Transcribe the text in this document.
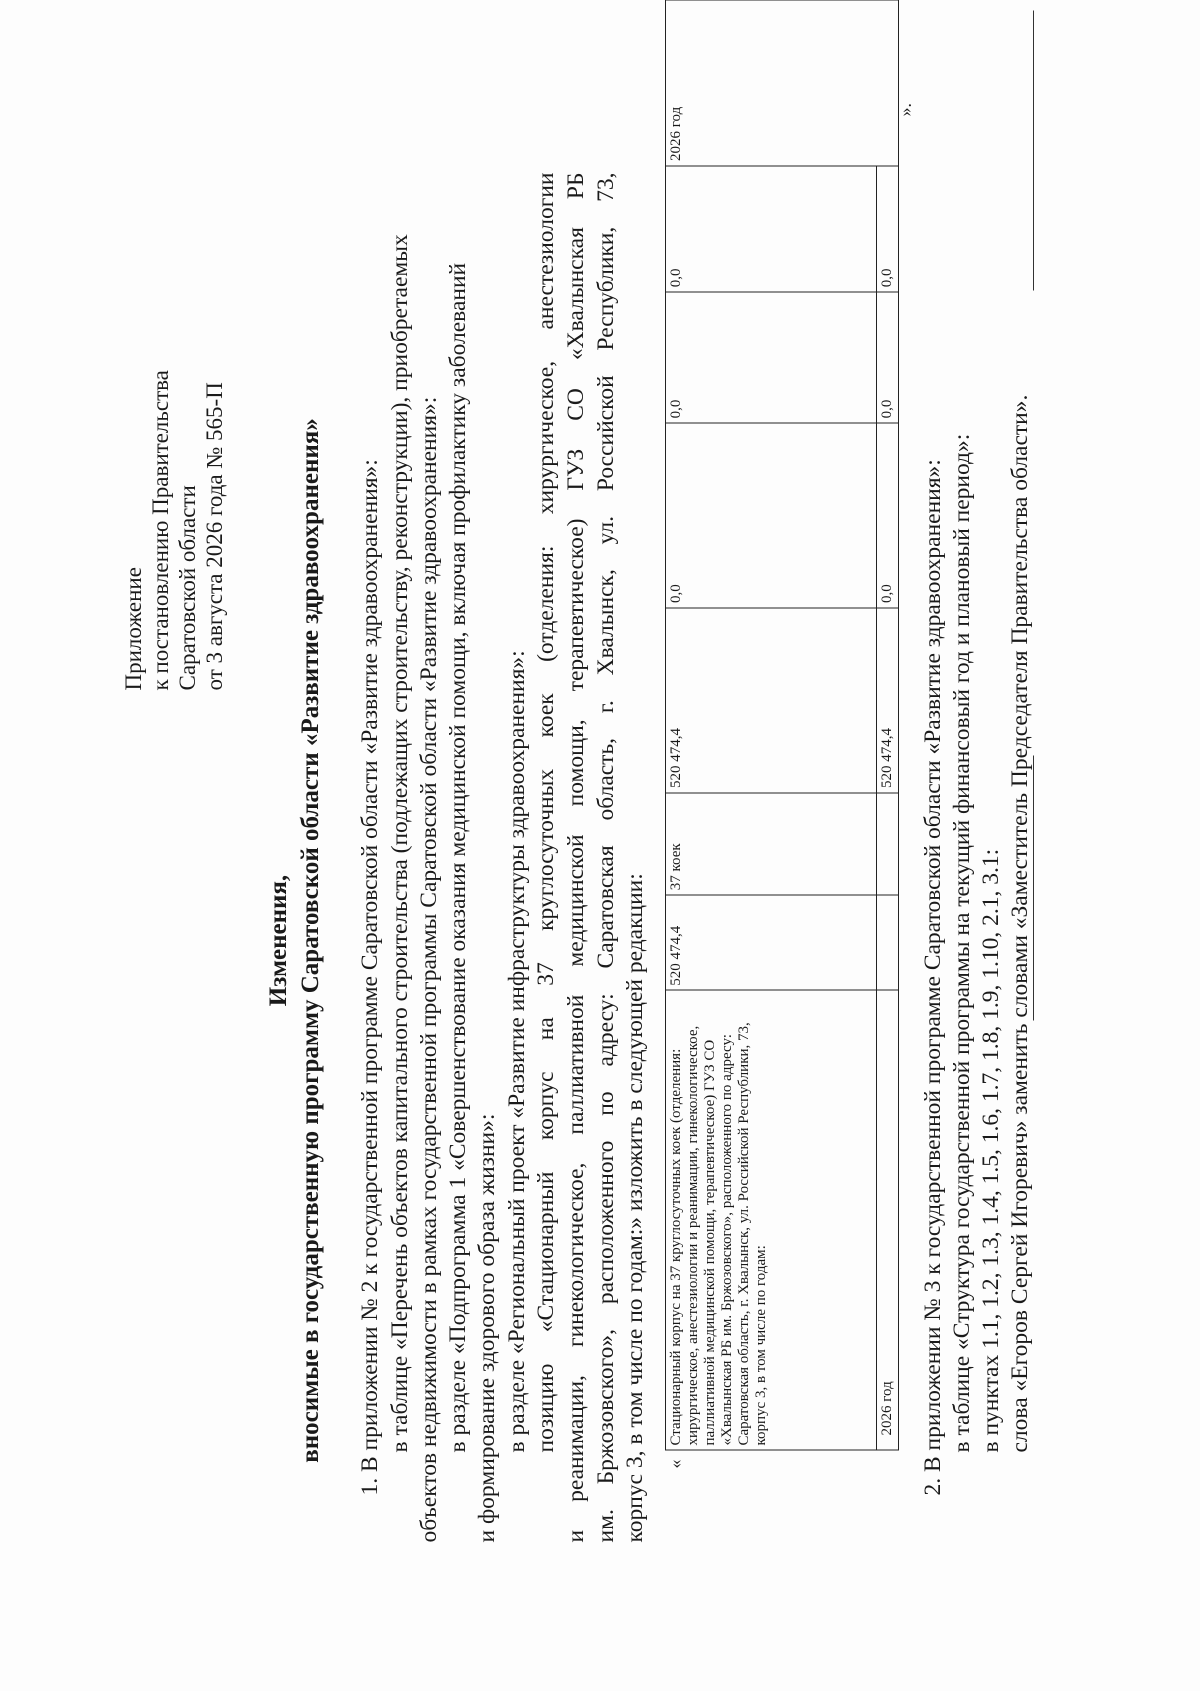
Приложение к постановлению Правительства Саратовской области от 3 августа 2026 года № 565-П
Изменения, вносимые в государственную программу Саратовской области «Развитие здравоохранения» 1. В приложении № 2 к государственной программе Саратовской области «Развитие здравоохранения»: в таблице «Перечень объектов капитального строительства (подлежащих строительству, реконструкции), приобретаемых объектов недвижимости в рамках государственной программы Саратовской области «Развитие здравоохранения»: в разделе «Подпрограмма 1 «Совершенствование оказания медицинской помощи, включая профилактику заболеваний и формирование здорового образа жизни»: в разделе «Региональный проект «Развитие инфраструктуры здравоохранения»: позицию «Стационарный корпус на 37 круглосуточных коек (отделения: хирургическое, анестезиологии и реанимации, гинекологическое, паллиативной медицинской помощи, терапевтическое) ГУЗ СО «Хвалынская РБ им. Бржозовского», расположенного по адресу: Саратовская область, г. Хвалынск, ул. Российской Республики, 73, корпус 3, в том числе по годам:» изложить в следующей редакции: «
Стационарный корпус на 37 круглосуточных коек (отделения: хирургическое, анестезиологии и реанимации, гинекологическое, паллиативной медицинской помощи, терапевтическое) ГУЗ СО «Хвалынская РБ им. Бржозовского», расположенного по адресу: Саратовская область, г. Хвалынск, ул. Российской Республики, 73, корпус 3, в том числе по годам:	520 474,4	37 коек	520 474,4	0,0	0,0	0,0	2026 год
2026 год			520 474,4	0,0	0,0	0,0	
».
2. В приложении № 3 к государственной программе Саратовской области «Развитие здравоохранения»: в таблице «Структура государственной программы на текущий финансовый год и плановый период»: в пунктах 1.1, 1.2, 1.3, 1.4, 1.5, 1.6, 1.7, 1.8, 1.9, 1.10, 2.1, 3.1: слова «Егоров Сергей Игоревич» заменить словами «Заместитель Председателя Правительства области».
